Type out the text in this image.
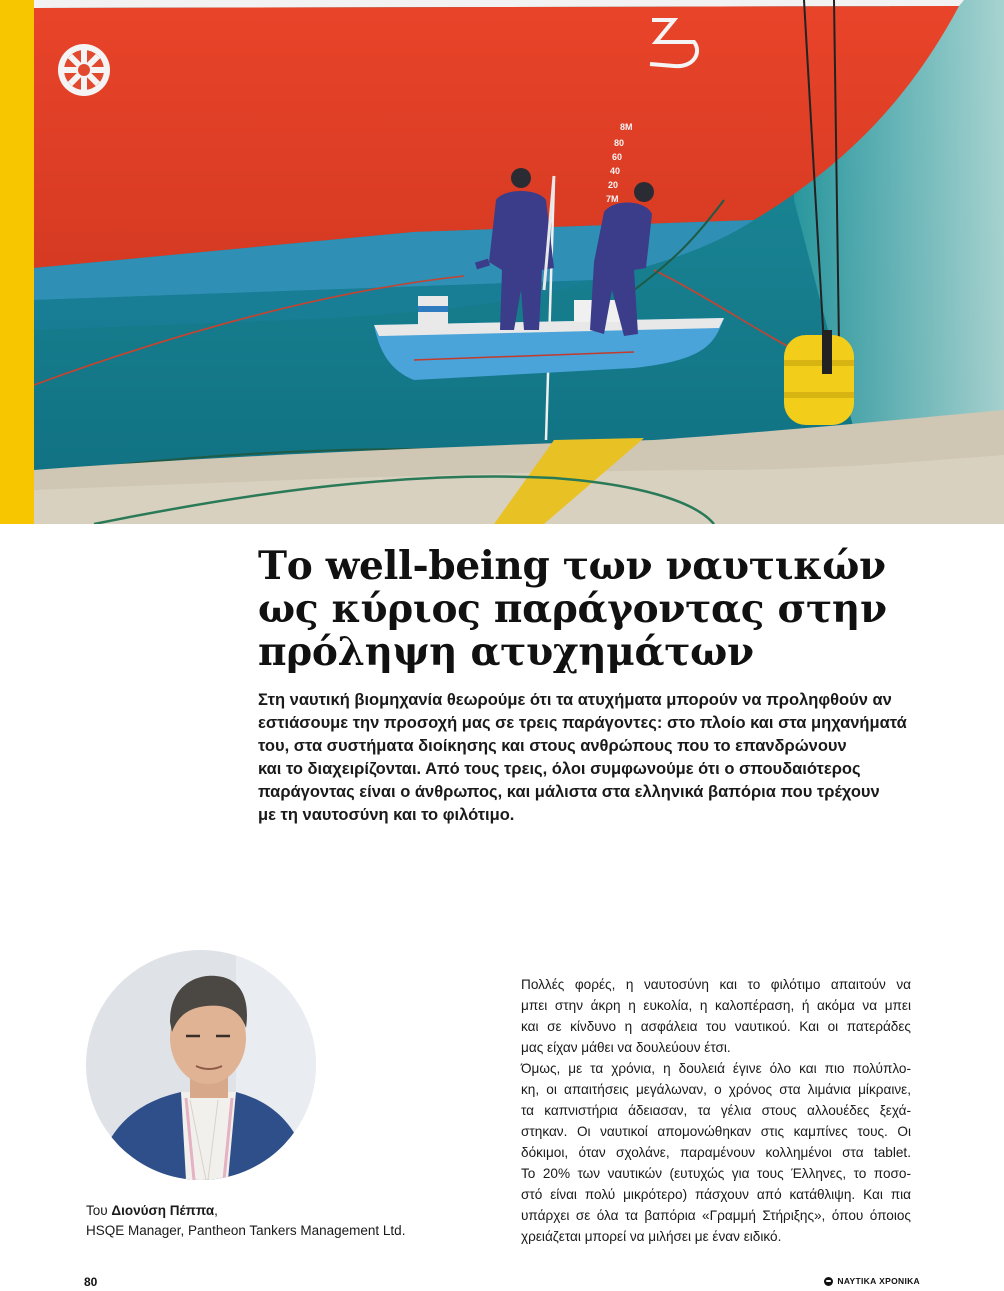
8M
80
60
40
20
7M
Το well-being των ναυτικών
ως κύριος παράγοντας στην
πρόληψη ατυχημάτων
Στη ναυτική βιομηχανία θεωρούμε ότι τα ατυχήματα μπορούν να προληφθούν αν
εστιάσουμε την προσοχή μας σε τρεις παράγοντες: στο πλοίο και στα μηχανήματά
του, στα συστήματα διοίκησης και στους ανθρώπους που το επανδρώνουν
και το διαχειρίζονται. Από τους τρεις, όλοι συμφωνούμε ότι ο σπουδαιότερος
παράγοντας είναι ο άνθρωπος, και μάλιστα στα ελληνικά βαπόρια που τρέχουν
με τη ναυτοσύνη και το φιλότιμο.
Του Διονύση Πέππα,
HSQE Manager, Pantheon Tankers Management Ltd.
Πολλές φορές, η ναυτοσύνη και το φιλότιμο απαιτούν να
μπει στην άκρη η ευκολία, η καλοπέραση, ή ακόμα να μπει
και σε κίνδυνο η ασφάλεια του ναυτικού. Και οι πατεράδες
μας είχαν μάθει να δουλεύουν έτσι.
Όμως, με τα χρόνια, η δουλειά έγινε όλο και πιο πολύπλο-
κη, οι απαιτήσεις μεγάλωναν, ο χρόνος στα λιμάνια μίκραινε,
τα καπνιστήρια άδειασαν, τα γέλια στους αλλουέδες ξεχά-
στηκαν. Οι ναυτικοί απομονώθηκαν στις καμπίνες τους. Οι
δόκιμοι, όταν σχολάνε, παραμένουν κολλημένοι στα tablet.
Το 20% των ναυτικών (ευτυχώς για τους Έλληνες, το ποσο-
στό είναι πολύ μικρότερο) πάσχουν από κατάθλιψη. Και πια
υπάρχει σε όλα τα βαπόρια «Γραμμή Στήριξης», όπου όποιος
χρειάζεται μπορεί να μιλήσει με έναν ειδικό.
80	ΝΑΥΤΙΚΑ ΧΡΟΝΙΚΑ
